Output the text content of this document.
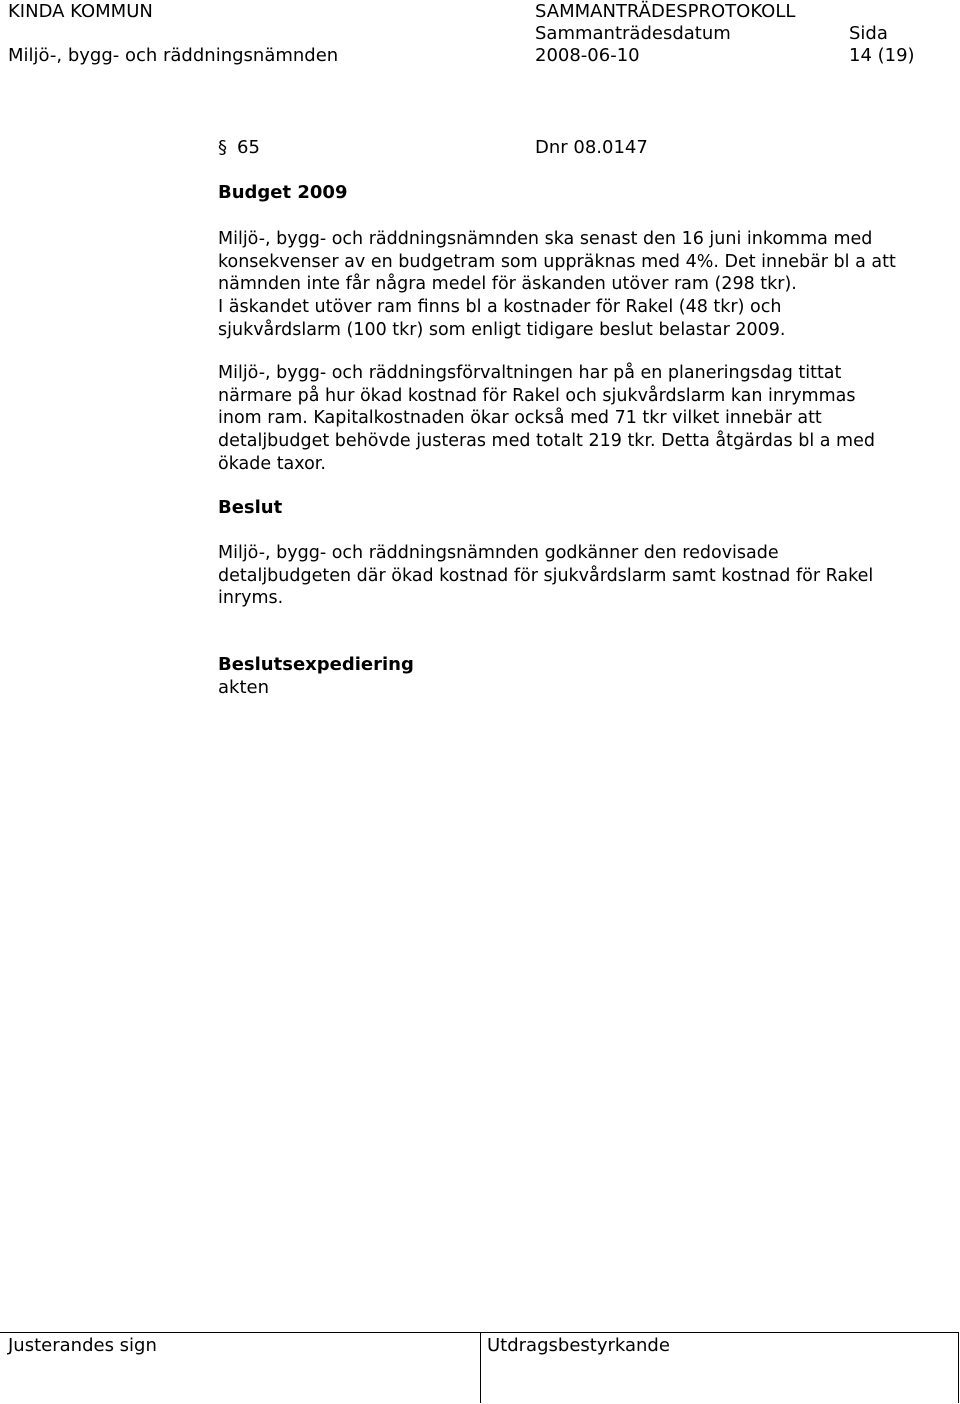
KINDA KOMMUN
Miljö-, bygg- och räddningsnämnden
SAMMANTRÄDESPROTOKOLL
Sammanträdesdatum
2008-06-10
Sida
14 (19)
§ 65	Dnr 08.0147
Budget 2009
Miljö-, bygg- och räddningsnämnden ska senast den 16 juni inkomma med
konsekvenser av en budgetram som uppräknas med 4%. Det innebär bl a att
nämnden inte får några medel för äskanden utöver ram (298 tkr).
I äskandet utöver ram finns bl a kostnader för Rakel (48 tkr) och
sjukvårdslarm (100 tkr) som enligt tidigare beslut belastar 2009.
Miljö-, bygg- och räddningsförvaltningen har på en planeringsdag tittat
närmare på hur ökad kostnad för Rakel och sjukvårdslarm kan inrymmas
inom ram. Kapitalkostnaden ökar också med 71 tkr vilket innebär att
detaljbudget behövde justeras med totalt 219 tkr. Detta åtgärdas bl a med
ökade taxor.
Beslut
Miljö-, bygg- och räddningsnämnden godkänner den redovisade
detaljbudgeten där ökad kostnad för sjukvårdslarm samt kostnad för Rakel
inryms.
Beslutsexpediering
akten
Justerandes sign	Utdragsbestyrkande
